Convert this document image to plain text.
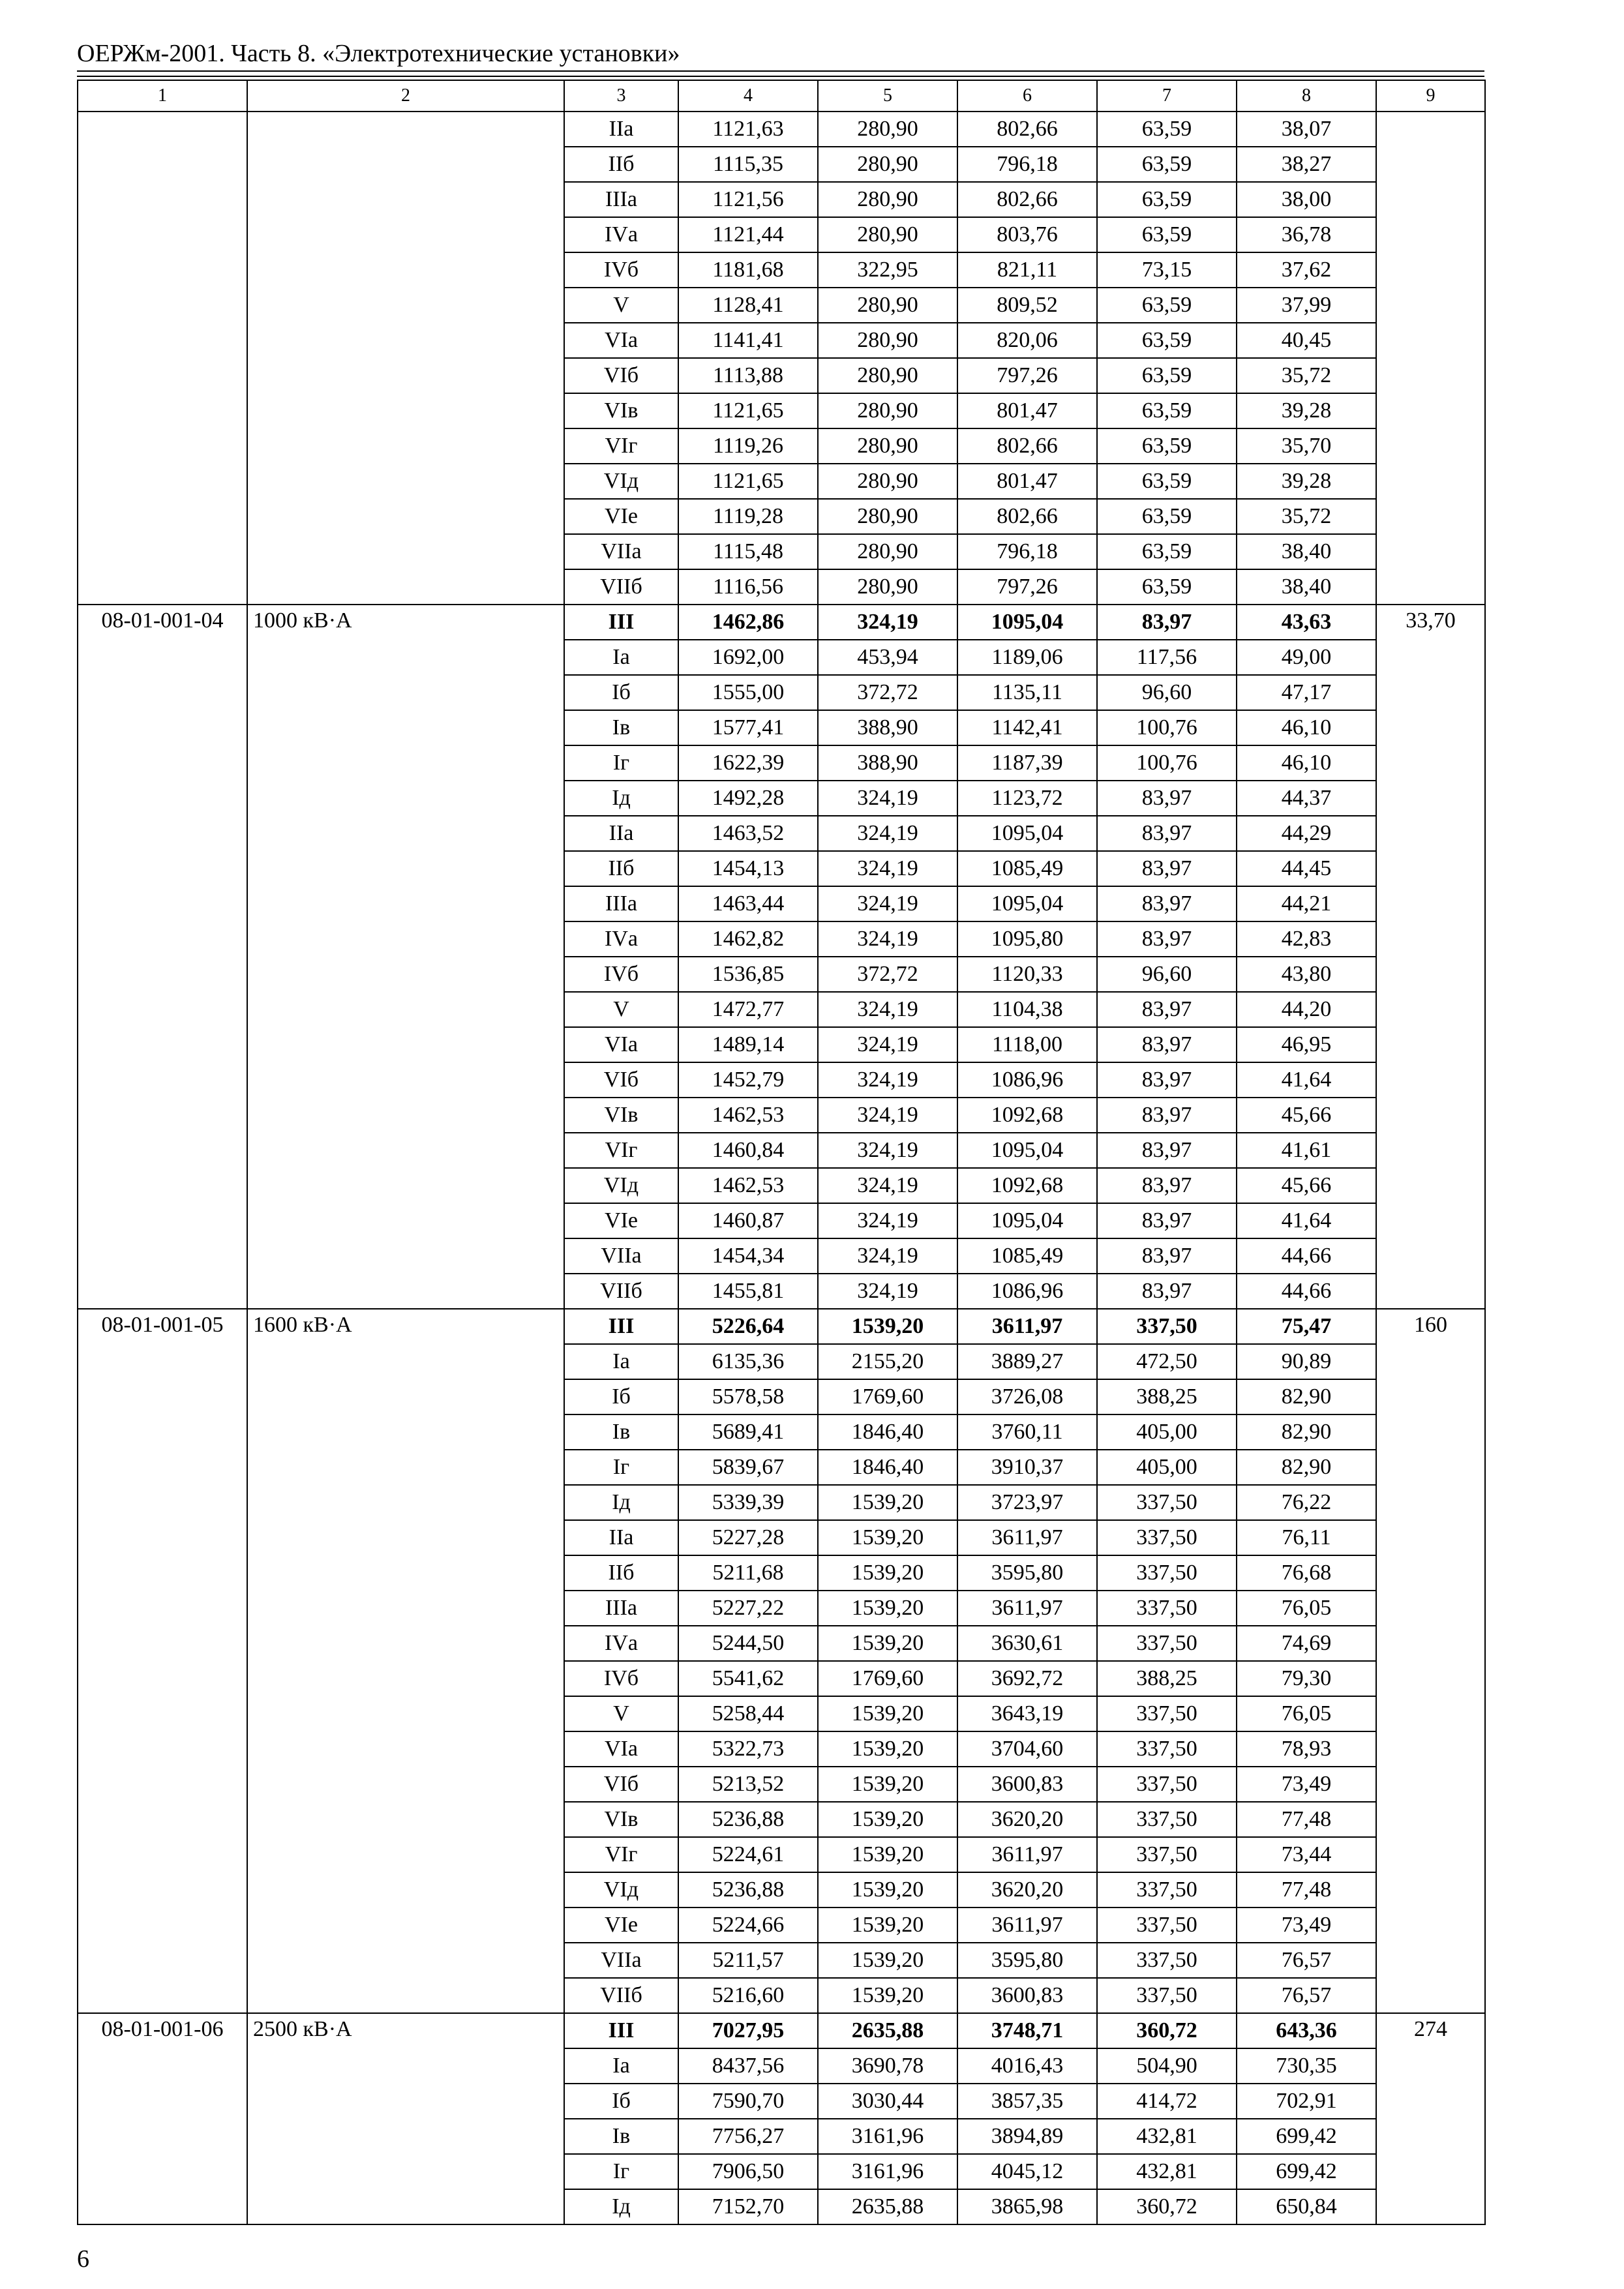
ОЕРЖм-2001. Часть 8. «Электротехнические установки»
1	2	3	4	5	6	7	8	9
		IIа	1121,63	280,90	802,66	63,59	38,07	
		IIб	1115,35	280,90	796,18	63,59	38,27	
		IIIа	1121,56	280,90	802,66	63,59	38,00	
		IVа	1121,44	280,90	803,76	63,59	36,78	
		IVб	1181,68	322,95	821,11	73,15	37,62	
		V	1128,41	280,90	809,52	63,59	37,99	
		VIа	1141,41	280,90	820,06	63,59	40,45	
		VIб	1113,88	280,90	797,26	63,59	35,72	
		VIв	1121,65	280,90	801,47	63,59	39,28	
		VIг	1119,26	280,90	802,66	63,59	35,70	
		VIд	1121,65	280,90	801,47	63,59	39,28	
		VIе	1119,28	280,90	802,66	63,59	35,72	
		VIIа	1115,48	280,90	796,18	63,59	38,40	
		VIIб	1116,56	280,90	797,26	63,59	38,40	
08-01-001-04	1000 кВ·А	III	1462,86	324,19	1095,04	83,97	43,63	33,70
		Iа	1692,00	453,94	1189,06	117,56	49,00	
		Iб	1555,00	372,72	1135,11	96,60	47,17	
		Iв	1577,41	388,90	1142,41	100,76	46,10	
		Iг	1622,39	388,90	1187,39	100,76	46,10	
		Iд	1492,28	324,19	1123,72	83,97	44,37	
		IIа	1463,52	324,19	1095,04	83,97	44,29	
		IIб	1454,13	324,19	1085,49	83,97	44,45	
		IIIа	1463,44	324,19	1095,04	83,97	44,21	
		IVа	1462,82	324,19	1095,80	83,97	42,83	
		IVб	1536,85	372,72	1120,33	96,60	43,80	
		V	1472,77	324,19	1104,38	83,97	44,20	
		VIа	1489,14	324,19	1118,00	83,97	46,95	
		VIб	1452,79	324,19	1086,96	83,97	41,64	
		VIв	1462,53	324,19	1092,68	83,97	45,66	
		VIг	1460,84	324,19	1095,04	83,97	41,61	
		VIд	1462,53	324,19	1092,68	83,97	45,66	
		VIе	1460,87	324,19	1095,04	83,97	41,64	
		VIIа	1454,34	324,19	1085,49	83,97	44,66	
		VIIб	1455,81	324,19	1086,96	83,97	44,66	
08-01-001-05	1600 кВ·А	III	5226,64	1539,20	3611,97	337,50	75,47	160
		Iа	6135,36	2155,20	3889,27	472,50	90,89	
		Iб	5578,58	1769,60	3726,08	388,25	82,90	
		Iв	5689,41	1846,40	3760,11	405,00	82,90	
		Iг	5839,67	1846,40	3910,37	405,00	82,90	
		Iд	5339,39	1539,20	3723,97	337,50	76,22	
		IIа	5227,28	1539,20	3611,97	337,50	76,11	
		IIб	5211,68	1539,20	3595,80	337,50	76,68	
		IIIа	5227,22	1539,20	3611,97	337,50	76,05	
		IVа	5244,50	1539,20	3630,61	337,50	74,69	
		IVб	5541,62	1769,60	3692,72	388,25	79,30	
		V	5258,44	1539,20	3643,19	337,50	76,05	
		VIа	5322,73	1539,20	3704,60	337,50	78,93	
		VIб	5213,52	1539,20	3600,83	337,50	73,49	
		VIв	5236,88	1539,20	3620,20	337,50	77,48	
		VIг	5224,61	1539,20	3611,97	337,50	73,44	
		VIд	5236,88	1539,20	3620,20	337,50	77,48	
		VIе	5224,66	1539,20	3611,97	337,50	73,49	
		VIIа	5211,57	1539,20	3595,80	337,50	76,57	
		VIIб	5216,60	1539,20	3600,83	337,50	76,57	
08-01-001-06	2500 кВ·А	III	7027,95	2635,88	3748,71	360,72	643,36	274
		Iа	8437,56	3690,78	4016,43	504,90	730,35	
		Iб	7590,70	3030,44	3857,35	414,72	702,91	
		Iв	7756,27	3161,96	3894,89	432,81	699,42	
		Iг	7906,50	3161,96	4045,12	432,81	699,42	
		Iд	7152,70	2635,88	3865,98	360,72	650,84	
6
